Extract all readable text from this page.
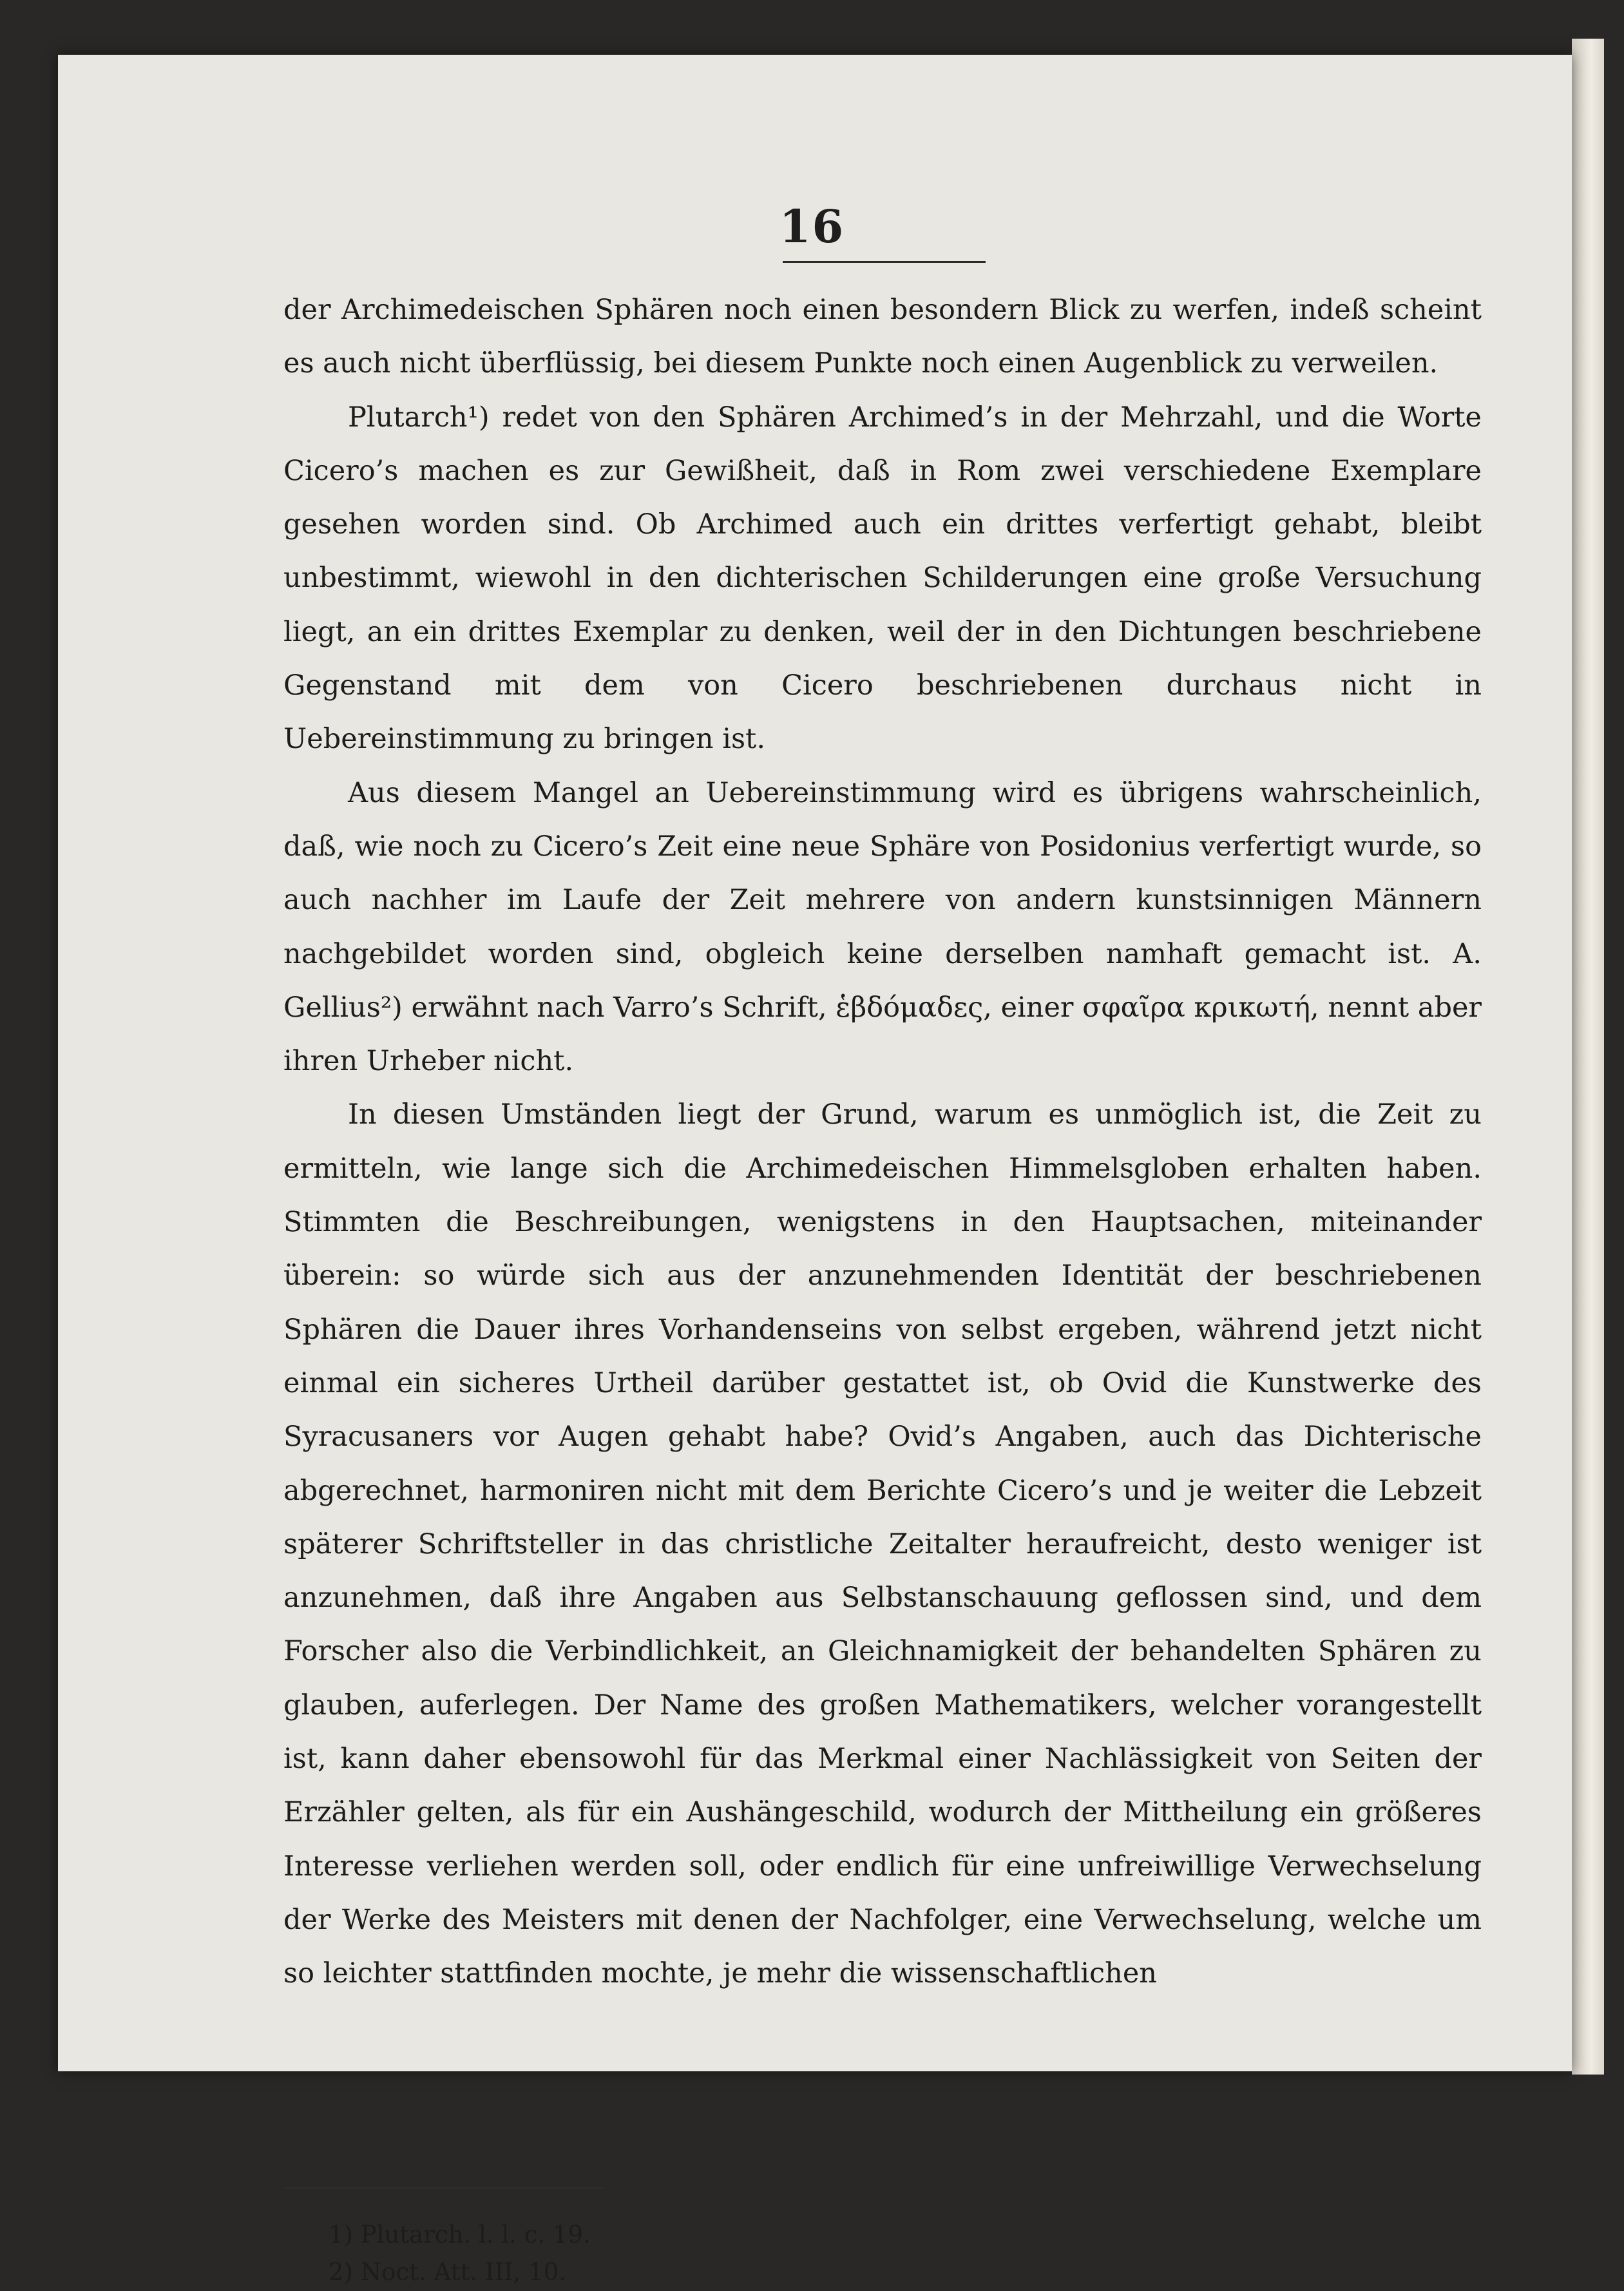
16

der Archimedeischen Sphären noch einen besondern Blick zu werfen, indeß scheint es auch nicht überflüssig, bei diesem Punkte noch einen Augenblick zu verweilen.

Plutarch¹) redet von den Sphären Archimed’s in der Mehrzahl, und die Worte Cicero’s machen es zur Gewißheit, daß in Rom zwei verschiedene Exemplare gesehen worden sind. Ob Archimed auch ein drittes verfertigt gehabt, bleibt unbestimmt, wiewohl in den dichterischen Schilderungen eine große Versuchung liegt, an ein drittes Exemplar zu denken, weil der in den Dichtungen beschriebene Gegenstand mit dem von Cicero beschriebenen durchaus nicht in Uebereinstimmung zu bringen ist.

Aus diesem Mangel an Uebereinstimmung wird es übrigens wahrscheinlich, daß, wie noch zu Cicero’s Zeit eine neue Sphäre von Posidonius verfertigt wurde, so auch nachher im Laufe der Zeit mehrere von andern kunstsinnigen Männern nachgebildet worden sind, obgleich keine derselben namhaft gemacht ist. A. Gellius²) erwähnt nach Varro’s Schrift, ἑβδόμαδες, einer σφαῖρα κρικωτή, nennt aber ihren Urheber nicht.

In diesen Umständen liegt der Grund, warum es unmöglich ist, die Zeit zu ermitteln, wie lange sich die Archimedeischen Himmelsgloben erhalten haben. Stimmten die Beschreibungen, wenigstens in den Hauptsachen, miteinander überein: so würde sich aus der anzunehmenden Identität der beschriebenen Sphären die Dauer ihres Vorhandenseins von selbst ergeben, während jetzt nicht einmal ein sicheres Urtheil darüber gestattet ist, ob Ovid die Kunstwerke des Syracusaners vor Augen gehabt habe? Ovid’s Angaben, auch das Dichterische abgerechnet, harmoniren nicht mit dem Berichte Cicero’s und je weiter die Lebzeit späterer Schriftsteller in das christliche Zeitalter heraufreicht, desto weniger ist anzunehmen, daß ihre Angaben aus Selbstanschauung geflossen sind, und dem Forscher also die Verbindlichkeit, an Gleichnamigkeit der behandelten Sphären zu glauben, auferlegen. Der Name des großen Mathematikers, welcher vorangestellt ist, kann daher ebensowohl für das Merkmal einer Nachlässigkeit von Seiten der Erzähler gelten, als für ein Aushängeschild, wodurch der Mittheilung ein größeres Interesse verliehen werden soll, oder endlich für eine unfreiwillige Verwechselung der Werke des Meisters mit denen der Nachfolger, eine Verwechselung, welche um so leichter stattfinden mochte, je mehr die wissenschaftlichen

1) Plutarch. l. l. c. 19.
2) Noct. Att. III, 10.
